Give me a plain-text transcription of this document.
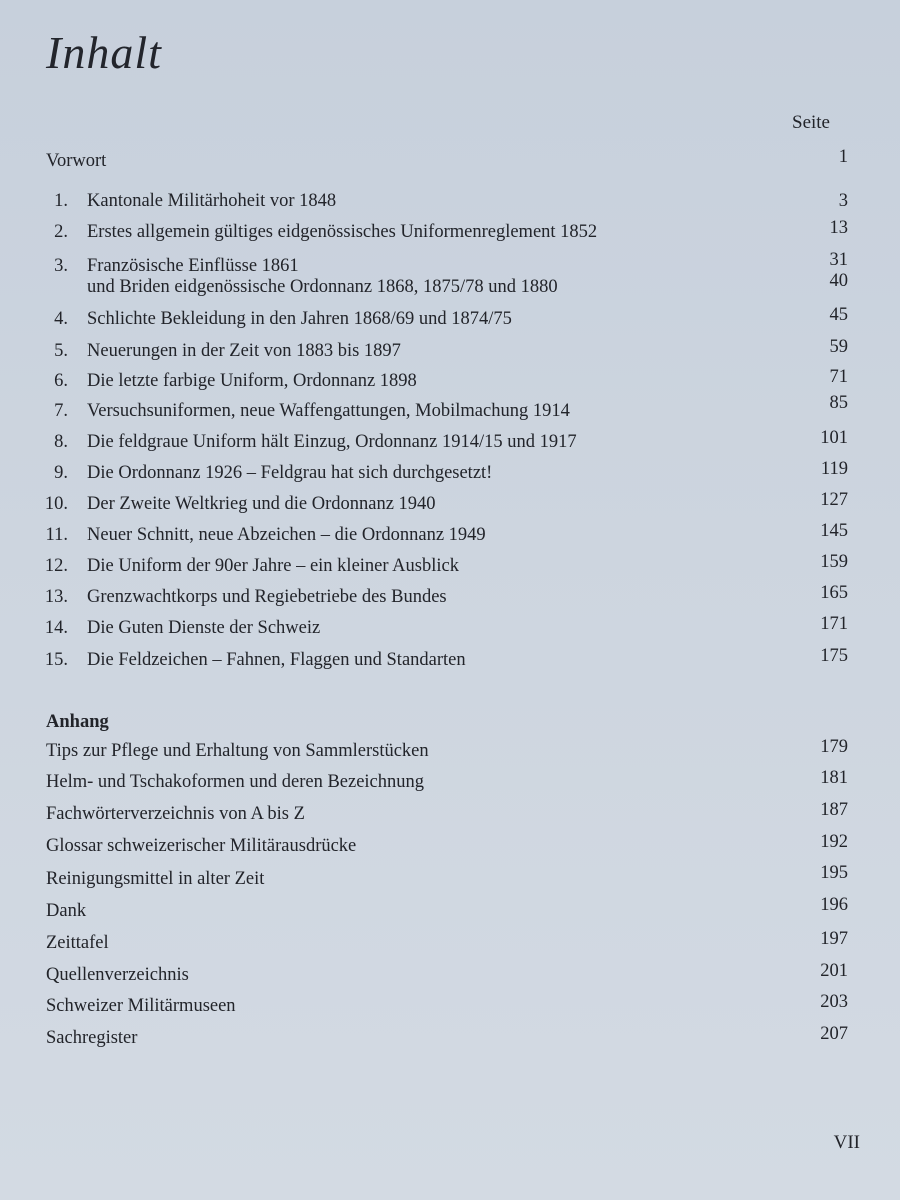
Inhalt
Seite
Vorwort	1
1. Kantonale Militärhoheit vor 1848	3
2. Erstes allgemein gültiges eidgenössisches Uniformenreglement 1852	13
3. Französische Einflüsse 1861	31
und Briden eidgenössische Ordonnanz 1868, 1875/78 und 1880	40
4. Schlichte Bekleidung in den Jahren 1868/69 und 1874/75	45
5. Neuerungen in der Zeit von 1883 bis 1897	59
6. Die letzte farbige Uniform, Ordonnanz 1898	71
7. Versuchsuniformen, neue Waffengattungen, Mobilmachung 1914	85
8. Die feldgraue Uniform hält Einzug, Ordonnanz 1914/15 und 1917	101
9. Die Ordonnanz 1926 – Feldgrau hat sich durchgesetzt!	119
10. Der Zweite Weltkrieg und die Ordonnanz 1940	127
11. Neuer Schnitt, neue Abzeichen – die Ordonnanz 1949	145
12. Die Uniform der 90er Jahre – ein kleiner Ausblick	159
13. Grenzwachtkorps und Regiebetriebe des Bundes	165
14. Die Guten Dienste der Schweiz	171
15. Die Feldzeichen – Fahnen, Flaggen und Standarten	175
Anhang
Tips zur Pflege und Erhaltung von Sammlerstücken	179
Helm- und Tschakoformen und deren Bezeichnung	181
Fachwörterverzeichnis von A bis Z	187
Glossar schweizerischer Militärausdrücke	192
Reinigungsmittel in alter Zeit	195
Dank	196
Zeittafel	197
Quellenverzeichnis	201
Schweizer Militärmuseen	203
Sachregister	207
VII
